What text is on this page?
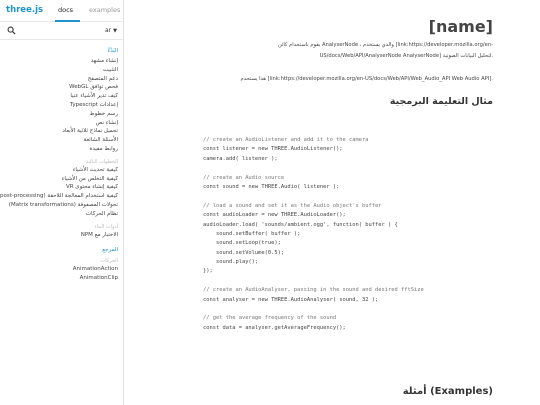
three.js docs examples
ar ▼
البَدْءُ
إنشاء مشهد
التثبيت
دعم المتصفح
فحص توافق WebGL
كيف تدير الأشياء عنيا
إعدادات Typescript
رسم خطوط
إنشاء نص
تحميل نماذج ثلاثية الأبعاد
الأسئلة الشائعة
روابط مفيدة
الخطوات التالية
كيفية تحديث الأشياء
كيفية التخلص من الأشياء
كيفية إنشاء محتوى VR
كيفية استخدام المعالجة اللاحقة (post-processing
تحولات المصفوفة (Matrix transformations)
نظام الحركات
أدوات البناء
الاختبار مع NPM
المرجع
الحركات
AnimationAction
AnimationClip
[name]
يقوم باستخدام كائن AnalyserNode ، والذي يستخدم [link:https://developer.mozilla.org/en-
US/docs/Web/API/AnalyserNode AnalyserNode] لتحليل البيانات الصوتية.
هذا يستخدم [link:https://developer.mozilla.org/en-US/docs/Web/API/Web_Audio_API Web Audio API].
مثال التعليمة البرمجية
// create an AudioListener and add it to the camera
const listener = new THREE.AudioListener();
camera.add( listener );
// create an Audio source
const sound = new THREE.Audio( listener );
// load a sound and set it as the Audio object's buffer
const audioLoader = new THREE.AudioLoader();
audioLoader.load( 'sounds/ambient.ogg', function( buffer ) {
sound.setBuffer( buffer );
sound.setLoop(true);
sound.setVolume(0.5);
sound.play();
});
// create an AudioAnalyser, passing in the sound and desired fftSize
const analyser = new THREE.AudioAnalyser( sound, 32 );
// get the average frequency of the sound
const data = analyser.getAverageFrequency();
أمثلة (Examples)
